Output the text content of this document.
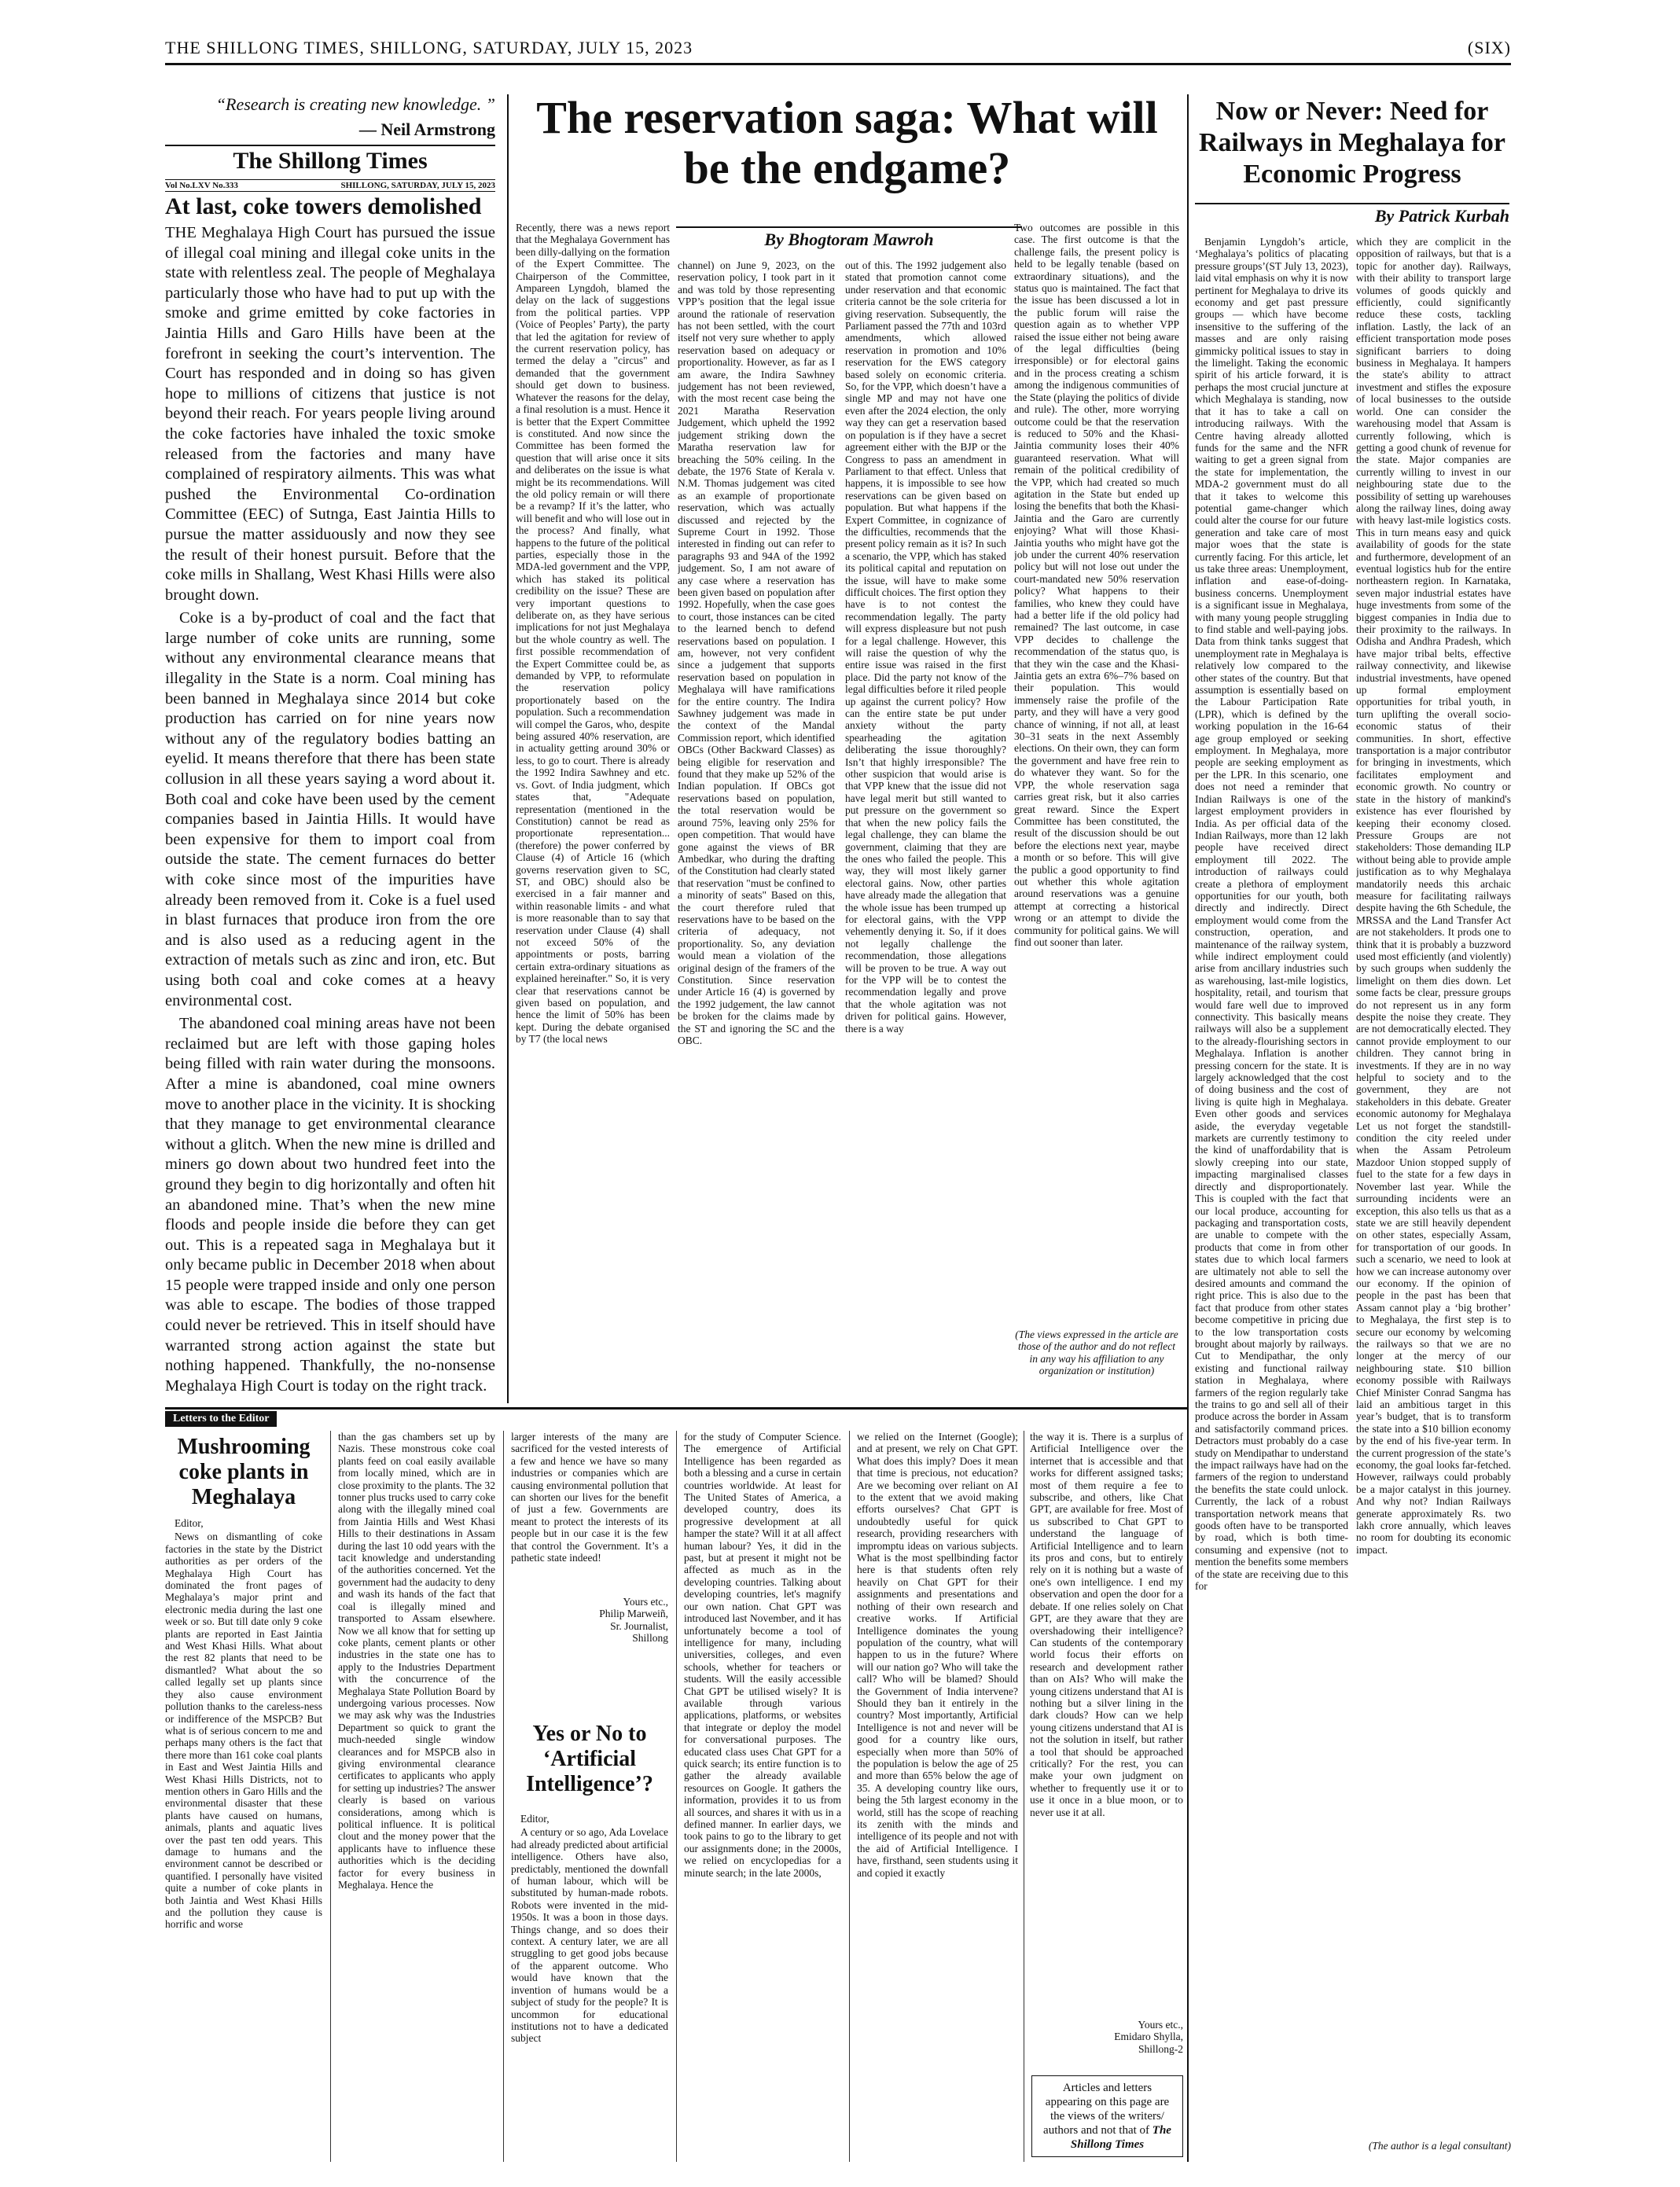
THE SHILLONG TIMES, SHILLONG, SATURDAY, JULY 15, 2023	(SIX)
“Research is creating new knowledge. ”
— Neil Armstrong
The Shillong Times
Vol No.LXV No.333	SHILLONG, SATURDAY, JULY 15, 2023
At last, coke towers demolished

THE Meghalaya High Court has pursued the issue of illegal coal mining and illegal coke units in the state with relentless zeal. The people of Meghalaya particularly those who have had to put up with the smoke and grime emitted by coke factories in Jaintia Hills and Garo Hills have been at the forefront in seeking the court’s intervention. The Court has responded and in doing so has given hope to millions of citizens that justice is not beyond their reach. For years people living around the coke factories have inhaled the toxic smoke released from the factories and many have complained of respiratory ailments. This was what pushed the Environmental Co-ordination Committee (EEC) of Sutnga, East Jaintia Hills to pursue the matter assiduously and now they see the result of their honest pursuit. Before that the coke mills in Shallang, West Khasi Hills were also brought down.

Coke is a by-product of coal and the fact that large number of coke units are running, some without any environmental clearance means that illegality in the State is a norm. Coal mining has been banned in Meghalaya since 2014 but coke production has carried on for nine years now without any of the regulatory bodies batting an eyelid. It means therefore that there has been state collusion in all these years saying a word about it. Both coal and coke have been used by the cement companies based in Jaintia Hills. It would have been expensive for them to import coal from outside the state. The cement furnaces do better with coke since most of the impurities have already been removed from it. Coke is a fuel used in blast furnaces that produce iron from the ore and is also used as a reducing agent in the extraction of metals such as zinc and iron, etc. But using both coal and coke comes at a heavy environmental cost.

The abandoned coal mining areas have not been reclaimed but are left with those gaping holes being filled with rain water during the monsoons. After a mine is abandoned, coal mine owners move to another place in the vicinity. It is shocking that they manage to get environmental clearance without a glitch. When the new mine is drilled and miners go down about two hundred feet into the ground they begin to dig horizontally and often hit an abandoned mine. That’s when the new mine floods and people inside die before they can get out. This is a repeated saga in Meghalaya but it only became public in December 2018 when about 15 people were trapped inside and only one person was able to escape. The bodies of those trapped could never be retrieved. This in itself should have warranted strong action against the state but nothing happened. Thankfully, the no-nonsense Meghalaya High Court is today on the right track.

The reservation saga: What will be the endgame?
By Bhogtoram Mawroh

Recently, there was a news report that the Meghalaya Government has been dilly-dallying on the formation of the Expert Committee. The Chairperson of the Committee, Ampareen Lyngdoh, blamed the delay on the lack of suggestions from the political parties. VPP (Voice of Peoples’ Party), the party that led the agitation for review of the current reservation policy, has termed the delay a "circus" and demanded that the government should get down to business. Whatever the reasons for the delay, a final resolution is a must. Hence it is better that the Expert Committee is constituted. And now since the Committee has been formed the question that will arise once it sits and deliberates on the issue is what might be its recommendations. Will the old policy remain or will there be a revamp? If it’s the latter, who will benefit and who will lose out in the process? And finally, what happens to the future of the political parties, especially those in the MDA-led government and the VPP, which has staked its political credibility on the issue? These are very important questions to deliberate on, as they have serious implications for not just Meghalaya but the whole country as well. The first possible recommendation of the Expert Committee could be, as demanded by VPP, to reformulate the reservation policy proportionately based on the population. Such a recommendation will compel the Garos, who, despite being assured 40% reservation, are in actuality getting around 30% or less, to go to court. There is already the 1992 Indira Sawhney and etc. vs. Govt. of India judgment, which states that, "Adequate representation (mentioned in the Constitution) cannot be read as proportionate representation... (therefore) the power conferred by Clause (4) of Article 16 (which governs reservation given to SC, ST, and OBC) should also be exercised in a fair manner and within reasonable limits - and what is more reasonable than to say that reservation under Clause (4) shall not exceed 50% of the appointments or posts, barring certain extra-ordinary situations as explained hereinafter." So, it is very clear that reservations cannot be given based on population, and hence the limit of 50% has been kept. During the debate organised by T7 (the local news

channel) on June 9, 2023, on the reservation policy, I took part in it and was told by those representing VPP’s position that the legal issue around the rationale of reservation has not been settled, with the court itself not very sure whether to apply reservation based on adequacy or proportionality. However, as far as I am aware, the Indira Sawhney judgement has not been reviewed, with the most recent case being the 2021 Maratha Reservation Judgement, which upheld the 1992 judgement striking down the Maratha reservation law for breaching the 50% ceiling. In the debate, the 1976 State of Kerala v. N.M. Thomas judgement was cited as an example of proportionate reservation, which was actually discussed and rejected by the Supreme Court in 1992. Those interested in finding out can refer to paragraphs 93 and 94A of the 1992 judgement. So, I am not aware of any case where a reservation has been given based on population after 1992. Hopefully, when the case goes to court, those instances can be cited to the learned bench to defend reservations based on population. I am, however, not very confident since a judgement that supports reservation based on population in Meghalaya will have ramifications for the entire country. The Indira Sawhney judgement was made in the context of the Mandal Commission report, which identified OBCs (Other Backward Classes) as being eligible for reservation and found that they make up 52% of the Indian population. If OBCs got reservations based on population, the total reservation would be around 75%, leaving only 25% for open competition. That would have gone against the views of BR Ambedkar, who during the drafting of the Constitution had clearly stated that reservation "must be confined to a minority of seats" Based on this, the court therefore ruled that reservations have to be based on the criteria of adequacy, not proportionality. So, any deviation would mean a violation of the original design of the framers of the Constitution. Since reservation under Article 16 (4) is governed by the 1992 judgement, the law cannot be broken for the claims made by the ST and ignoring the SC and the OBC.

out of this. The 1992 judgement also stated that promotion cannot come under reservation and that economic criteria cannot be the sole criteria for giving reservation. Subsequently, the Parliament passed the 77th and 103rd amendments, which allowed reservation in promotion and 10% reservation for the EWS category based solely on economic criteria. So, for the VPP, which doesn’t have a single MP and may not have one even after the 2024 election, the only way they can get a reservation based on population is if they have a secret agreement either with the BJP or the Congress to pass an amendment in Parliament to that effect. Unless that happens, it is impossible to see how reservations can be given based on population. But what happens if the Expert Committee, in cognizance of the difficulties, recommends that the present policy remain as it is? In such a scenario, the VPP, which has staked its political capital and reputation on the issue, will have to make some difficult choices. The first option they have is to not contest the recommendation legally. The party will express displeasure but not push for a legal challenge. However, this will raise the question of why the entire issue was raised in the first place. Did the party not know of the legal difficulties before it riled people up against the current policy? How can the entire state be put under anxiety without the party spearheading the agitation deliberating the issue thoroughly? Isn’t that highly irresponsible? The other suspicion that would arise is that VPP knew that the issue did not have legal merit but still wanted to put pressure on the government so that when the new policy fails the legal challenge, they can blame the government, claiming that they are the ones who failed the people. This way, they will most likely garner electoral gains. Now, other parties have already made the allegation that the whole issue has been trumped up for electoral gains, with the VPP vehemently denying it. So, if it does not legally challenge the recommendation, those allegations will be proven to be true. A way out for the VPP will be to contest the recommendation legally and prove that the whole agitation was not driven for political gains. However, there is a way

Two outcomes are possible in this case. The first outcome is that the challenge fails, the present policy is held to be legally tenable (based on extraordinary situations), and the status quo is maintained. The fact that the issue has been discussed a lot in the public forum will raise the question again as to whether VPP raised the issue either not being aware of the legal difficulties (being irresponsible) or for electoral gains and in the process creating a schism among the indigenous communities of the State (playing the politics of divide and rule). The other, more worrying outcome could be that the reservation is reduced to 50% and the Khasi-Jaintia community loses their 40% guaranteed reservation. What will remain of the political credibility of the VPP, which had created so much agitation in the State but ended up losing the benefits that both the Khasi-Jaintia and the Garo are currently enjoying? What will those Khasi-Jaintia youths who might have got the job under the current 40% reservation policy but will not lose out under the court-mandated new 50% reservation policy? What happens to their families, who knew they could have had a better life if the old policy had remained? The last outcome, in case VPP decides to challenge the recommendation of the status quo, is that they win the case and the Khasi-Jaintia gets an extra 6%–7% based on their population. This would immensely raise the profile of the party, and they will have a very good chance of winning, if not all, at least 30–31 seats in the next Assembly elections. On their own, they can form the government and have free rein to do whatever they want. So for the VPP, the whole reservation saga carries great risk, but it also carries great reward. Since the Expert Committee has been constituted, the result of the discussion should be out before the elections next year, maybe a month or so before. This will give the public a good opportunity to find out whether this whole agitation around reservations was a genuine attempt at correcting a historical wrong or an attempt to divide the community for political gains. We will find out sooner than later.

(The views expressed in the article are those of the author and do not reflect in any way his affiliation to any organization or institution)
Now or Never: Need for Railways in Meghalaya for Economic Progress
By Patrick Kurbah

Benjamin Lyngdoh’s article, ‘Meghalaya’s politics of placating pressure groups’(ST July 13, 2023), laid vital emphasis on why it is now pertinent for Meghalaya to drive its economy and get past pressure groups — which have become insensitive to the suffering of the masses and are only raising gimmicky political issues to stay in the limelight. Taking the economic spirit of his article forward, it is perhaps the most crucial juncture at which Meghalaya is standing, now that it has to take a call on introducing railways. With the Centre having already allotted funds for the same and the NFR waiting to get a green signal from the state for implementation, the MDA-2 government must do all that it takes to welcome this potential game-changer which could alter the course for our future generation and take care of most major woes that the state is currently facing. For this article, let us take three areas: Unemployment, inflation and ease-of-doing-business concerns. Unemployment is a significant issue in Meghalaya, with many young people struggling to find stable and well-paying jobs. Data from think tanks suggest that unemployment rate in Meghalaya is relatively low compared to the other states of the country. But that assumption is essentially based on the Labour Participation Rate (LPR), which is defined by the working population in the 16-64 age group employed or seeking employment. In Meghalaya, more people are seeking employment as per the LPR. In this scenario, one does not need a reminder that Indian Railways is one of the largest employment providers in India. As per official data of the Indian Railways, more than 12 lakh people have received direct employment till 2022. The introduction of railways could create a plethora of employment opportunities for our youth, both directly and indirectly. Direct employment would come from the construction, operation, and maintenance of the railway system, while indirect employment could arise from ancillary industries such as warehousing, last-mile logistics, hospitality, retail, and tourism that would fare well due to improved connectivity. This basically means railways will also be a supplement to the already-flourishing sectors in Meghalaya. Inflation is another pressing concern for the state. It is largely acknowledged that the cost of doing business and the cost of living is quite high in Meghalaya. Even other goods and services aside, the everyday vegetable markets are currently testimony to the kind of unaffordability that is slowly creeping into our state, impacting marginalised classes directly and disproportionately. This is coupled with the fact that our local produce, accounting for packaging and transportation costs, are unable to compete with the products that come in from other states due to which local farmers are ultimately not able to sell the desired amounts and command the right price. This is also due to the fact that produce from other states become competitive in pricing due to the low transportation costs brought about majorly by railways. Cut to Mendipathar, the only existing and functional railway station in Meghalaya, where farmers of the region regularly take the trains to go and sell all of their produce across the border in Assam and satisfactorily command prices. Detractors must probably do a case study on Mendipathar to understand the impact railways have had on the farmers of the region to understand the benefits the state could unlock. Currently, the lack of a robust transportation network means that goods often have to be transported by road, which is both time-consuming and expensive (not to mention the benefits some members of the state are receiving due to this for

which they are complicit in the opposition of railways, but that is a topic for another day). Railways, with their ability to transport large volumes of goods quickly and efficiently, could significantly reduce these costs, tackling inflation. Lastly, the lack of an efficient transportation mode poses significant barriers to doing business in Meghalaya. It hampers the state's ability to attract investment and stifles the exposure of local businesses to the outside world. One can consider the warehousing model that Assam is currently following, which is getting a good chunk of revenue for the state. Major companies are currently willing to invest in our neighbouring state due to the possibility of setting up warehouses along the railway lines, doing away with heavy last-mile logistics costs. This in turn means easy and quick availability of goods for the state and furthermore, development of an eventual logistics hub for the entire northeastern region. In Karnataka, seven major industrial estates have huge investments from some of the biggest companies in India due to their proximity to the railways. In Odisha and Andhra Pradesh, which have major tribal belts, effective railway connectivity, and likewise industrial investments, have opened up formal employment opportunities for tribal youth, in turn uplifting the overall socio-economic status of their communities. In short, effective transportation is a major contributor for bringing in investments, which facilitates employment and economic growth. No country or state in the history of mankind's existence has ever flourished by keeping their economy closed. Pressure Groups are not stakeholders: Those demanding ILP without being able to provide ample justification as to why Meghalaya mandatorily needs this archaic measure for facilitating railways despite having the 6th Schedule, the MRSSA and the Land Transfer Act are not stakeholders. It prods one to think that it is probably a buzzword used most efficiently (and violently) by such groups when suddenly the limelight on them dies down. Let some facts be clear, pressure groups do not represent us in any form despite the noise they create. They are not democratically elected. They cannot provide employment to our children. They cannot bring in investments. If they are in no way helpful to society and to the government, they are not stakeholders in this debate. Greater economic autonomy for Meghalaya Let us not forget the standstill-condition the city reeled under when the Assam Petroleum Mazdoor Union stopped supply of fuel to the state for a few days in November last year. While the surrounding incidents were an exception, this also tells us that as a state we are still heavily dependent on other states, especially Assam, for transportation of our goods. In such a scenario, we need to look at how we can increase autonomy over our economy. If the opinion of people in the past has been that Assam cannot play a ‘big brother’ to Meghalaya, the first step is to secure our economy by welcoming the railways so that we are no longer at the mercy of our neighbouring state. $10 billion economy possible with Railways Chief Minister Conrad Sangma has laid an ambitious target in this year’s budget, that is to transform the state into a $10 billion economy by the end of his five-year term. In the current progression of the state’s economy, the goal looks far-fetched. However, railways could probably be a major catalyst in this journey. And why not? Indian Railways generate approximately Rs. two lakh crore annually, which leaves no room for doubting its economic impact.

(The author is a legal consultant)
Letters to the Editor
Mushrooming coke plants in Meghalaya

Editor,

News on dismantling of coke factories in the state by the District authorities as per orders of the Meghalaya High Court has dominated the front pages of Meghalaya’s major print and electronic media during the last one week or so. But till date only 9 coke plants are reported in East Jaintia and West Khasi Hills. What about the rest 82 plants that need to be dismantled? What about the so called legally set up plants since they also cause environment pollution thanks to the careless-ness or indifference of the MSPCB? But what is of serious concern to me and perhaps many others is the fact that there more than 161 coke coal plants in East and West Jaintia Hills and West Khasi Hills Districts, not to mention others in Garo Hills and the environmental disaster that these plants have caused on humans, animals, plants and aquatic lives over the past ten odd years. This damage to humans and the environment cannot be described or quantified. I personally have visited quite a number of coke plants in both Jaintia and West Khasi Hills and the pollution they cause is horrific and worse

than the gas chambers set up by Nazis. These monstrous coke coal plants feed on coal easily available from locally mined, which are in close proximity to the plants. The 32 tonner plus trucks used to carry coke along with the illegally mined coal from Jaintia Hills and West Khasi Hills to their destinations in Assam during the last 10 odd years with the tacit knowledge and understanding of the authorities concerned. Yet the government had the audacity to deny and wash its hands of the fact that coal is illegally mined and transported to Assam elsewhere. Now we all know that for setting up coke plants, cement plants or other industries in the state one has to apply to the Industries Department with the concurrence of the Meghalaya State Pollution Board by undergoing various processes. Now we may ask why was the Industries Department so quick to grant the much-needed single window clearances and for MSPCB also in giving environmental clearance certificates to applicants who apply for setting up industries? The answer clearly is based on various considerations, among which is political influence. It is political clout and the money power that the applicants have to influence these authorities which is the deciding factor for every business in Meghalaya. Hence the

larger interests of the many are sacrificed for the vested interests of a few and hence we have so many industries or companies which are causing environmental pollution that can shorten our lives for the benefit of just a few. Governments are meant to protect the interests of its people but in our case it is the few that control the Government. It’s a pathetic state indeed!

Yours etc.,
Philip Marweiñ,
Sr. Journalist,
Shillong
Yes or No to ‘Artificial Intelligence’?

Editor,

A century or so ago, Ada Lovelace had already predicted about artificial intelligence. Others have also, predictably, mentioned the downfall of human labour, which will be substituted by human-made robots. Robots were invented in the mid-1950s. It was a boon in those days. Things change, and so does their context. A century later, we are all struggling to get good jobs because of the apparent outcome. Who would have known that the invention of humans would be a subject of study for the people? It is uncommon for educational institutions not to have a dedicated subject

for the study of Computer Science. The emergence of Artificial Intelligence has been regarded as both a blessing and a curse in certain countries worldwide. At least for The United States of America, a developed country, does its progressive development at all hamper the state? Will it at all affect human labour? Yes, it did in the past, but at present it might not be affected as much as in the developing countries. Talking about developing countries, let's magnify our own nation. Chat GPT was introduced last November, and it has unfortunately become a tool of intelligence for many, including universities, colleges, and even schools, whether for teachers or students. Will the easily accessible Chat GPT be utilised wisely? It is available through various applications, platforms, or websites that integrate or deploy the model for conversational purposes. The educated class uses Chat GPT for a quick search; its entire function is to gather the already available resources on Google. It gathers the information, provides it to us from all sources, and shares it with us in a defined manner. In earlier days, we took pains to go to the library to get our assignments done; in the 2000s, we relied on encyclopedias for a minute search; in the late 2000s,

we relied on the Internet (Google); and at present, we rely on Chat GPT. What does this imply? Does it mean that time is precious, not education? Are we becoming over reliant on AI to the extent that we avoid making efforts ourselves? Chat GPT is undoubtedly useful for quick research, providing researchers with impromptu ideas on various subjects. What is the most spellbinding factor here is that students often rely heavily on Chat GPT for their assignments and presentations and nothing of their own research and creative works. If Artificial Intelligence dominates the young population of the country, what will happen to us in the future? Where will our nation go? Who will take the call? Who will be blamed? Should the Government of India intervene? Should they ban it entirely in the country? Most importantly, Artificial Intelligence is not and never will be good for a country like ours, especially when more than 50% of the population is below the age of 25 and more than 65% below the age of 35. A developing country like ours, being the 5th largest economy in the world, still has the scope of reaching its zenith with the minds and intelligence of its people and not with the aid of Artificial Intelligence. I have, firsthand, seen students using it and copied it exactly

the way it is. There is a surplus of Artificial Intelligence over the internet that is accessible and that works for different assigned tasks; most of them require a fee to subscribe, and others, like Chat GPT, are available for free. Most of us subscribed to Chat GPT to understand the language of Artificial Intelligence and to learn its pros and cons, but to entirely rely on it is nothing but a waste of one's own intelligence. I end my observation and open the door for a debate. If one relies solely on Chat GPT, are they aware that they are overshadowing their intelligence? Can students of the contemporary world focus their efforts on research and development rather than on AIs? Who will make the young citizens understand that AI is nothing but a silver lining in the dark clouds? How can we help young citizens understand that AI is not the solution in itself, but rather a tool that should be approached critically? For the rest, you can make your own judgment on whether to frequently use it or to use it once in a blue moon, or to never use it at all.

Yours etc.,
Emidaro Shylla,
Shillong-2
Articles and letters appearing on this page are the views of the writers/ authors and not that of The Shillong Times
